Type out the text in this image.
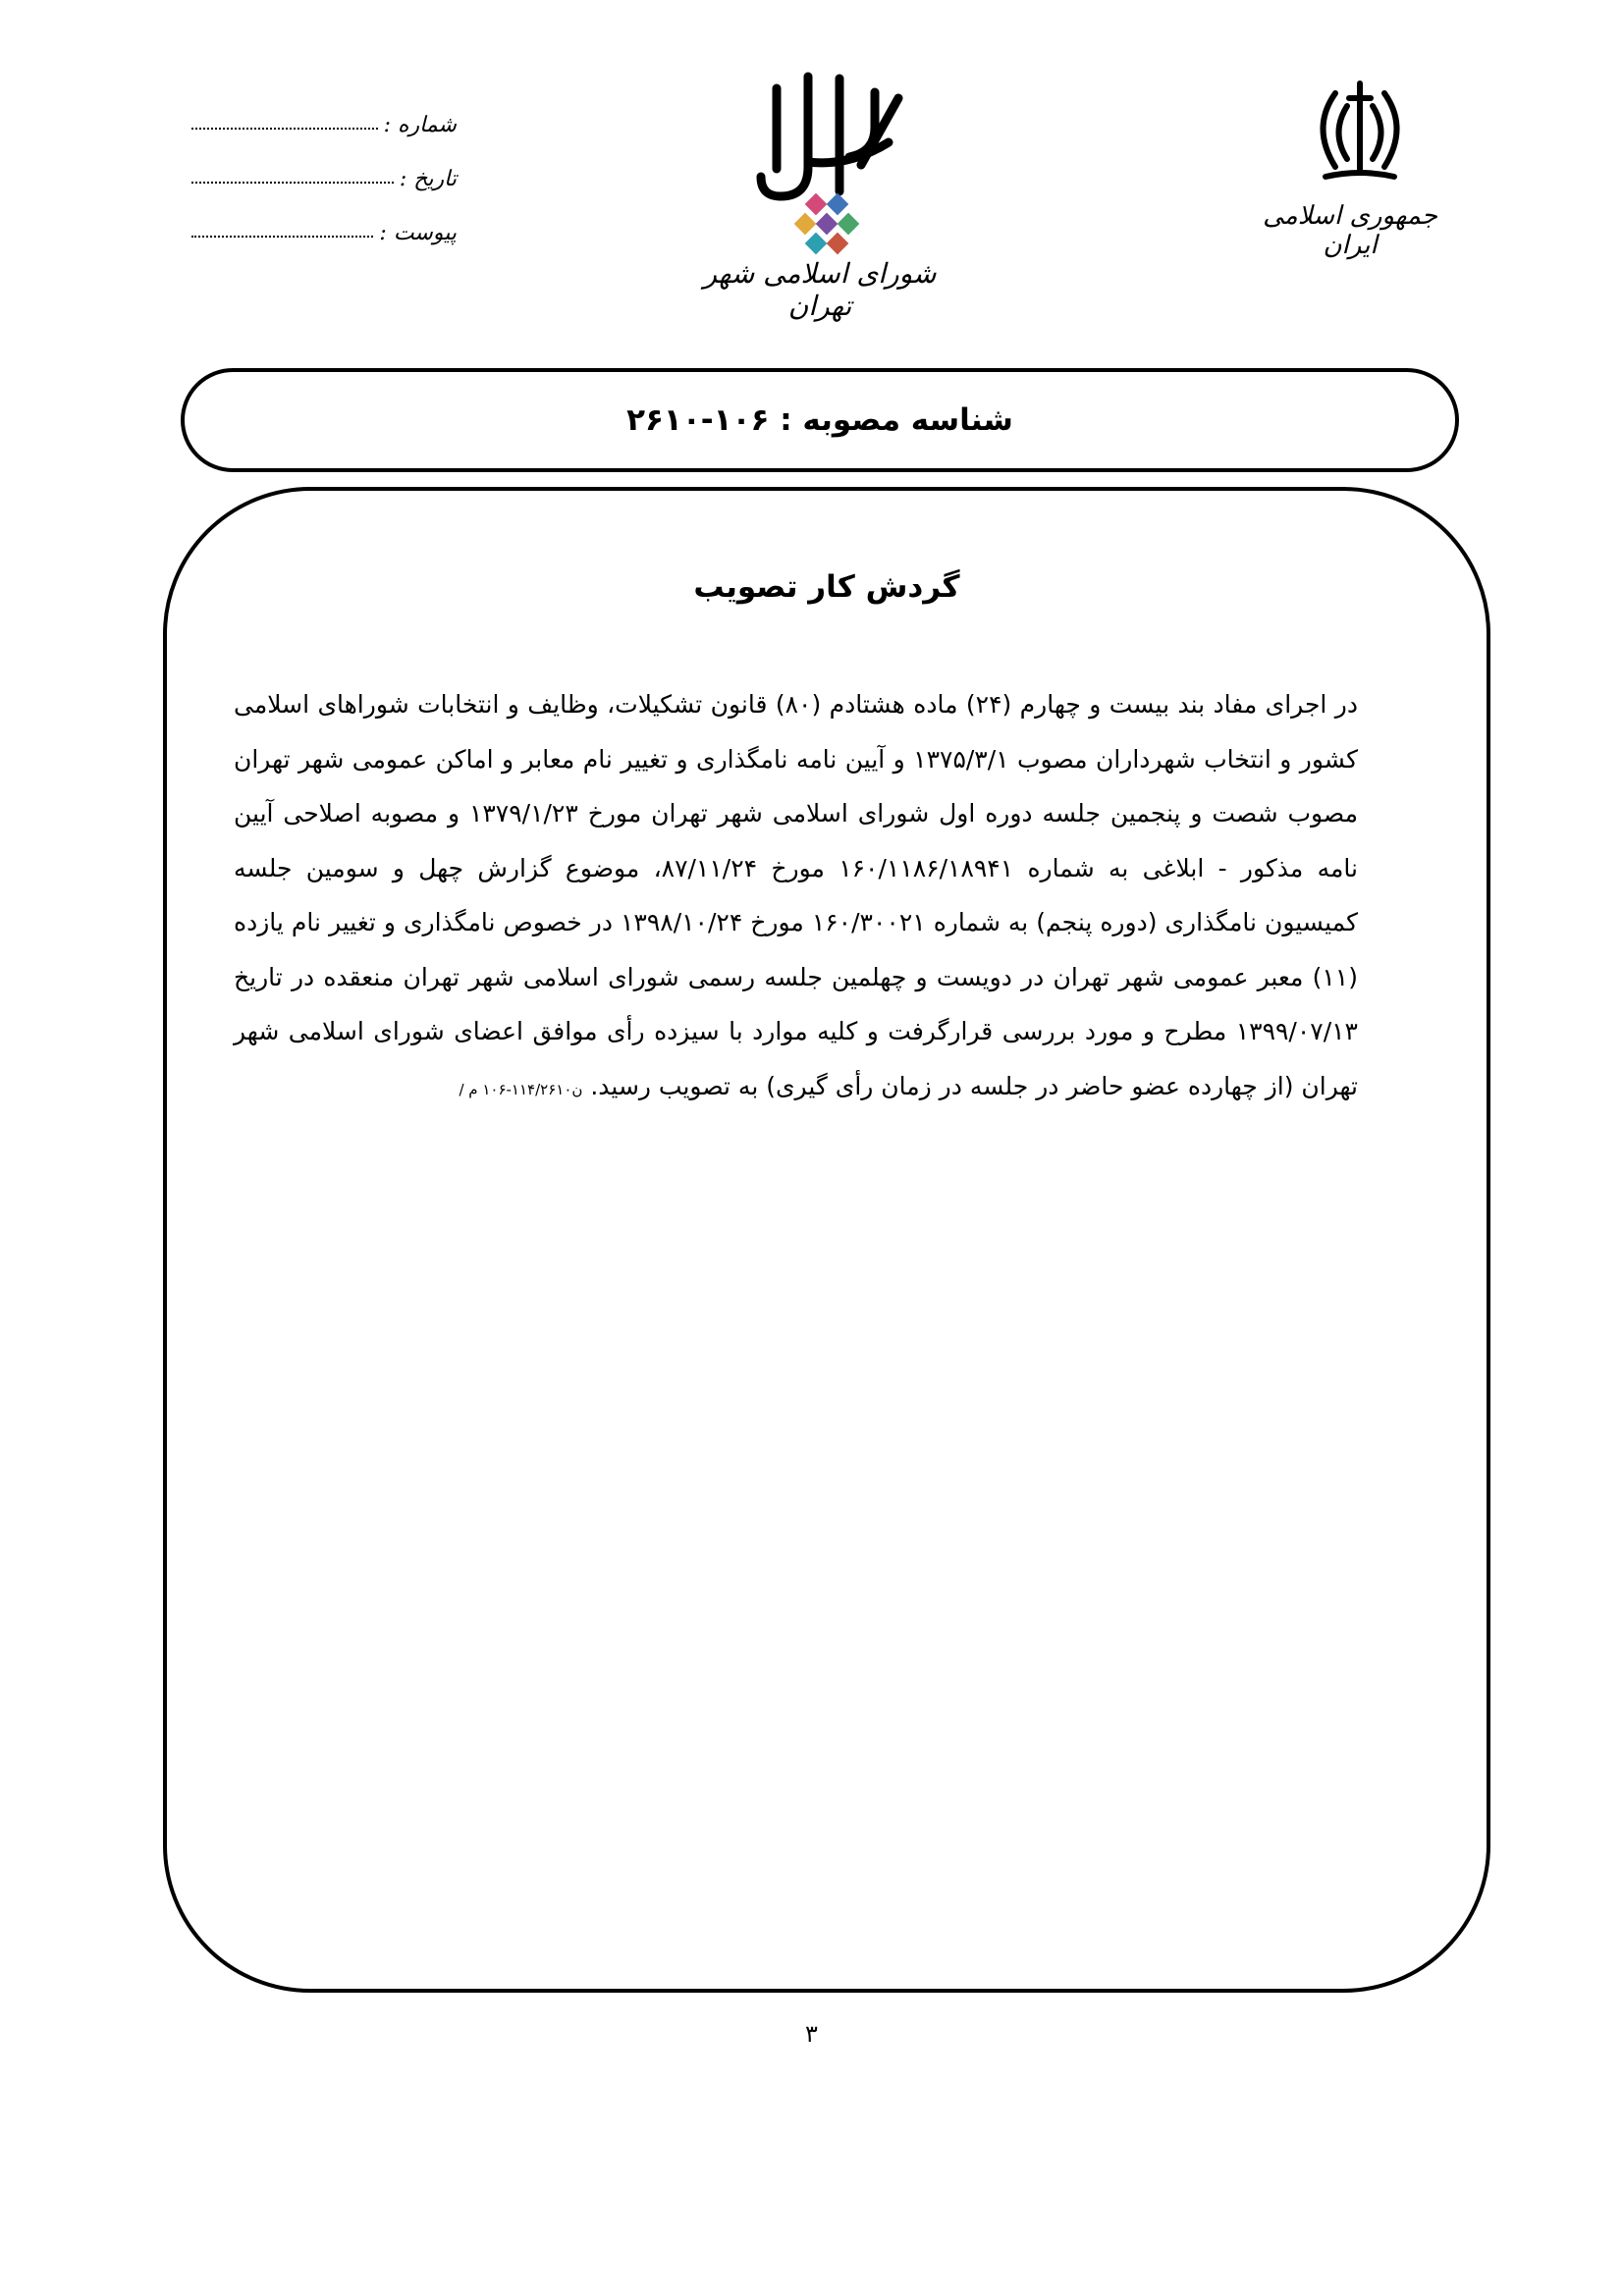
شماره :
تاریخ :
پیوست :
شورای اسلامی شهر تهران
جمهوری اسلامی ایران
شناسه مصوبه : ۱۰۶-۲۶۱۰
گردش کار تصویب
در اجرای مفاد بند بیست و چهارم (۲۴) ماده هشتادم (۸۰) قانون تشکیلات، وظایف و انتخابات شوراهای اسلامی کشور و انتخاب شهرداران مصوب ۱۳۷۵/۳/۱ و آیین نامه نامگذاری و تغییر نام معابر و اماکن عمومی شهر تهران مصوب شصت و پنجمین جلسه دوره اول شورای اسلامی شهر تهران مورخ ۱۳۷۹/۱/۲۳ و مصوبه اصلاحی آیین نامه مذکور - ابلاغی به شماره ۱۶۰/۱۱۸۶/۱۸۹۴۱ مورخ ۸۷/۱۱/۲۴، موضوع گزارش چهل و سومین جلسه کمیسیون نامگذاری (دوره پنجم) به شماره ۱۶۰/۳۰۰۲۱ مورخ ۱۳۹۸/۱۰/۲۴ در خصوص نامگذاری و تغییر نام یازده (۱۱) معبر عمومی شهر تهران در دویست و چهلمین جلسه رسمی شورای اسلامی شهر تهران منعقده در تاریخ ۱۳۹۹/۰۷/۱۳ مطرح و مورد بررسی قرارگرفت و کلیه موارد با سیزده رأی موافق اعضای شورای اسلامی شهر تهران (از چهارده عضو حاضر در جلسه در زمان رأی گیری) به تصویب رسید. ن۱۱۴/۲۶۱۰-۱۰۶ م /
۳
